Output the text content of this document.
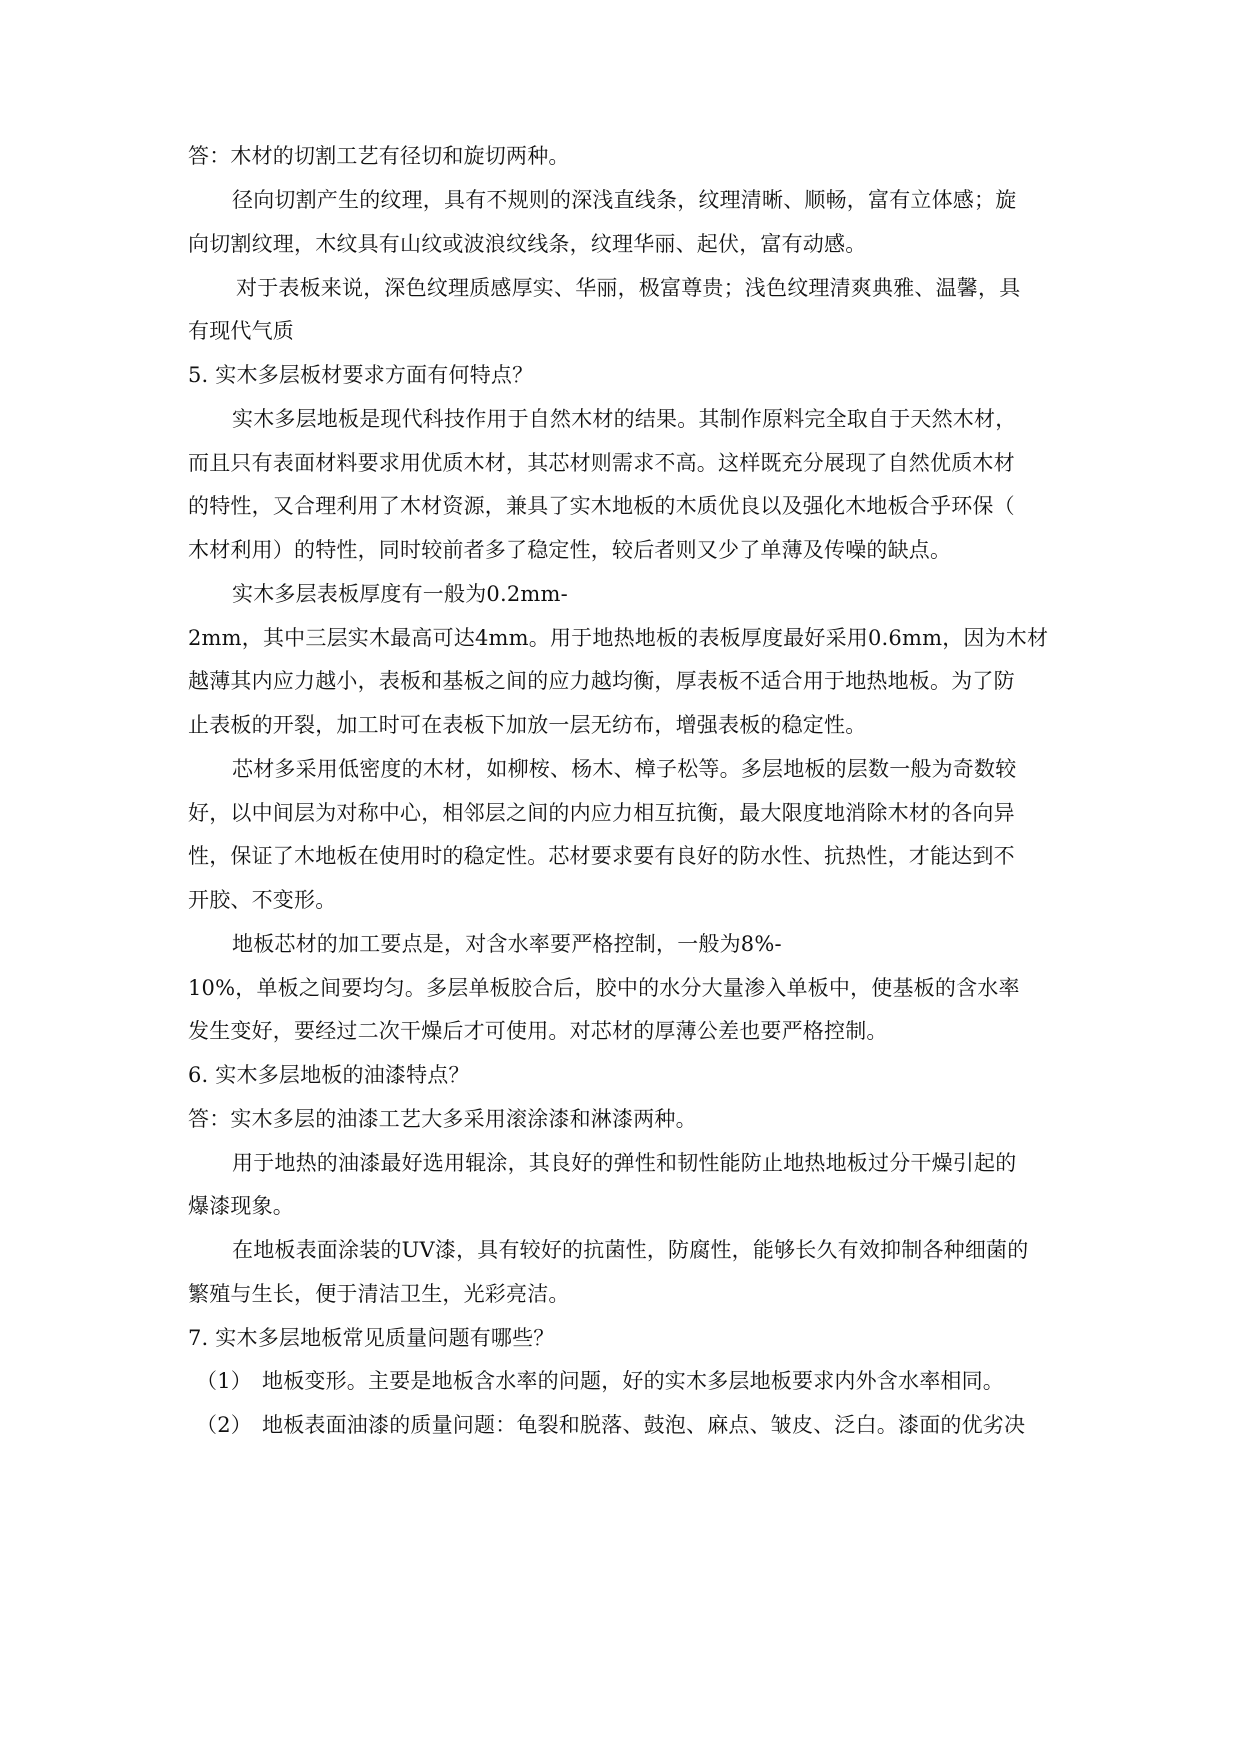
答：木材的切割工艺有径切和旋切两种。
径向切割产生的纹理，具有不规则的深浅直线条，纹理清晰、顺畅，富有立体感；旋
向切割纹理，木纹具有山纹或波浪纹线条，纹理华丽、起伏，富有动感。
对于表板来说，深色纹理质感厚实、华丽，极富尊贵；浅色纹理清爽典雅、温馨，具
有现代气质
5. 实木多层板材要求方面有何特点？
实木多层地板是现代科技作用于自然木材的结果。其制作原料完全取自于天然木材，
而且只有表面材料要求用优质木材，其芯材则需求不高。这样既充分展现了自然优质木材
的特性，又合理利用了木材资源，兼具了实木地板的木质优良以及强化木地板合乎环保（
木材利用）的特性，同时较前者多了稳定性，较后者则又少了单薄及传噪的缺点。
实木多层表板厚度有一般为0.2mm-
2mm，其中三层实木最高可达4mm。用于地热地板的表板厚度最好采用0.6mm，因为木材
越薄其内应力越小，表板和基板之间的应力越均衡，厚表板不适合用于地热地板。为了防
止表板的开裂，加工时可在表板下加放一层无纺布，增强表板的稳定性。
芯材多采用低密度的木材，如柳桉、杨木、樟子松等。多层地板的层数一般为奇数较
好，以中间层为对称中心，相邻层之间的内应力相互抗衡，最大限度地消除木材的各向异
性，保证了木地板在使用时的稳定性。芯材要求要有良好的防水性、抗热性，才能达到不
开胶、不变形。
地板芯材的加工要点是，对含水率要严格控制，一般为8%-
10%，单板之间要均匀。多层单板胶合后，胶中的水分大量渗入单板中，使基板的含水率
发生变好，要经过二次干燥后才可使用。对芯材的厚薄公差也要严格控制。
6. 实木多层地板的油漆特点？
答：实木多层的油漆工艺大多采用滚涂漆和淋漆两种。
用于地热的油漆最好选用辊涂，其良好的弹性和韧性能防止地热地板过分干燥引起的
爆漆现象。
在地板表面涂装的UV漆，具有较好的抗菌性，防腐性，能够长久有效抑制各种细菌的
繁殖与生长，便于清洁卫生，光彩亮洁。
7. 实木多层地板常见质量问题有哪些？
（1） 地板变形。主要是地板含水率的问题，好的实木多层地板要求内外含水率相同。
（2） 地板表面油漆的质量问题：龟裂和脱落、鼓泡、麻点、皱皮、泛白。漆面的优劣决
